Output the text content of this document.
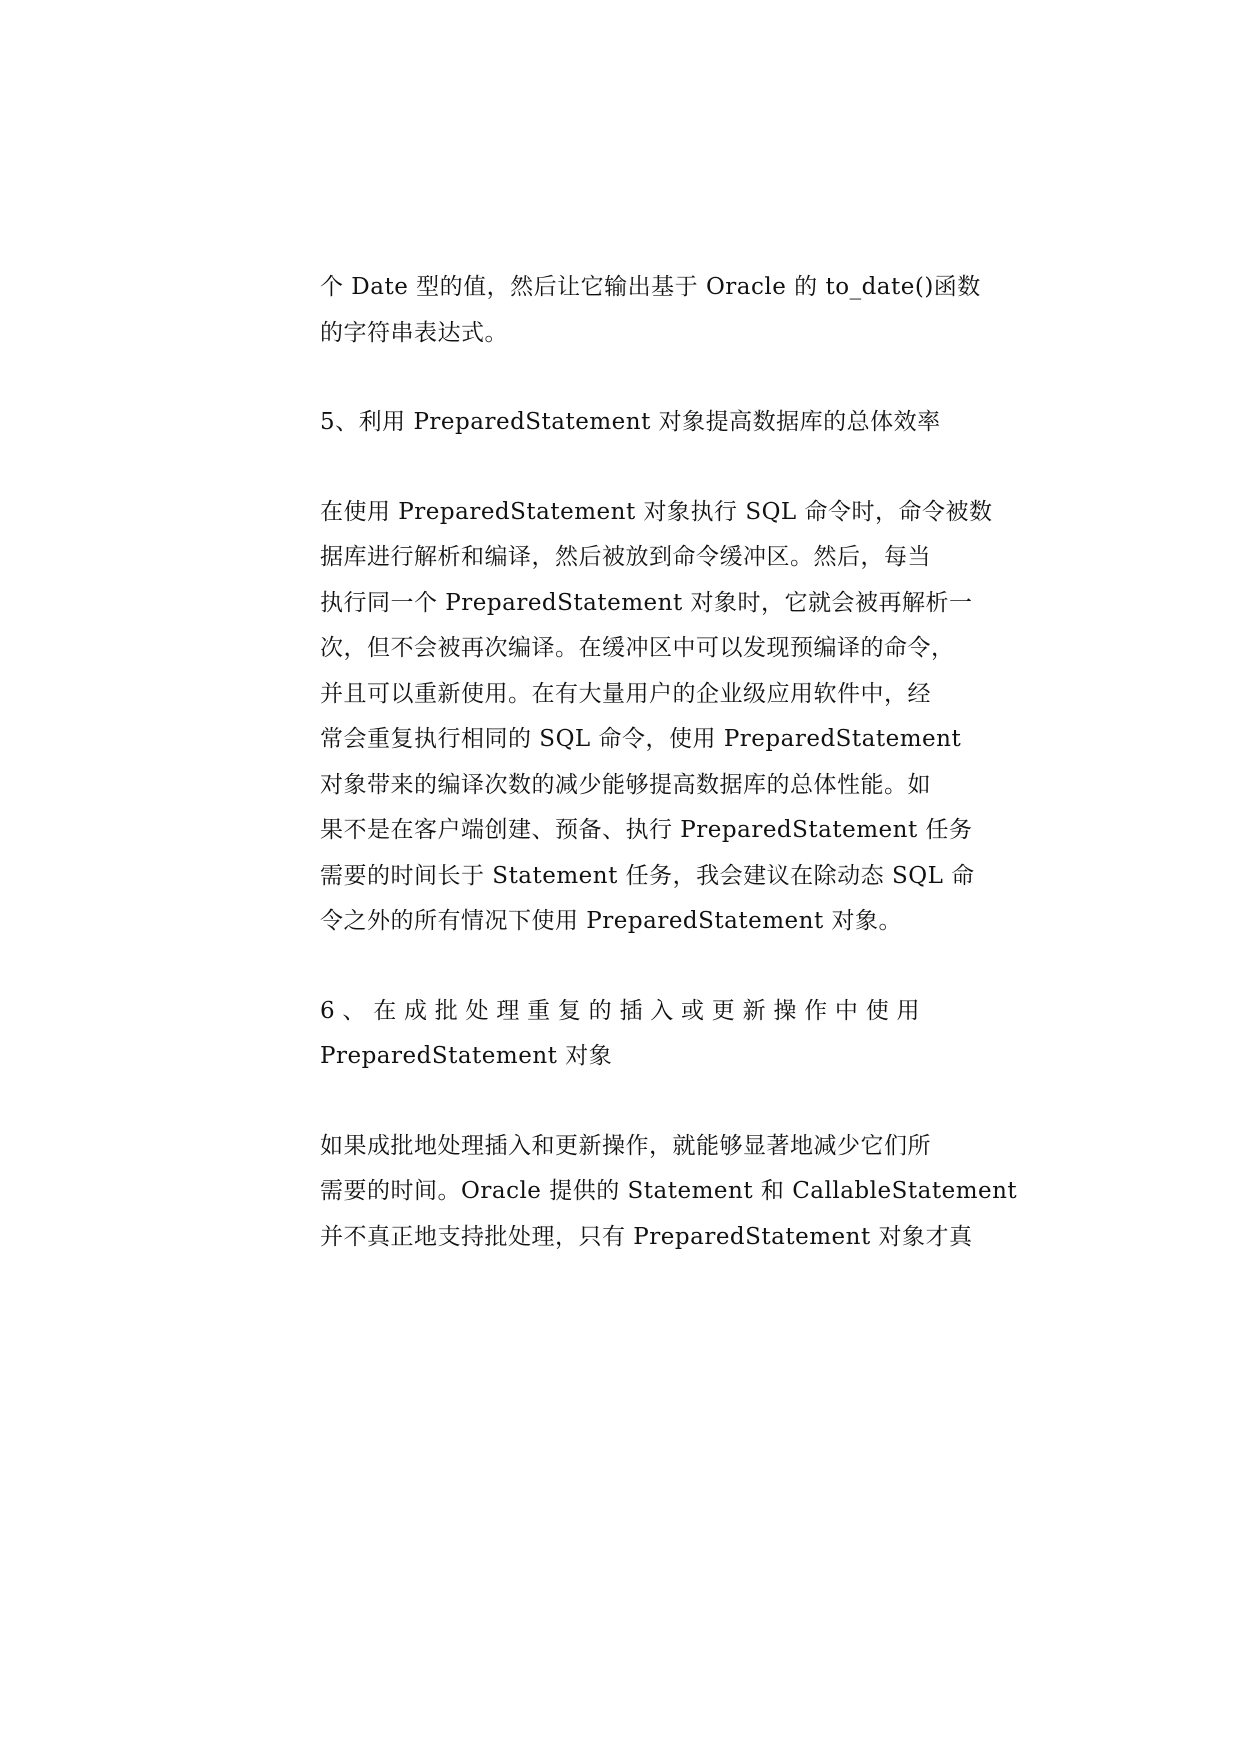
个 Date 型的值，然后让它输出基于 Oracle 的 to_date()函数
的字符串表达式。

5、利用 PreparedStatement 对象提高数据库的总体效率

在使用 PreparedStatement 对象执行 SQL 命令时，命令被数
据库进行解析和编译，然后被放到命令缓冲区。然后，每当
执行同一个 PreparedStatement 对象时，它就会被再解析一
次，但不会被再次编译。在缓冲区中可以发现预编译的命令，
并且可以重新使用。在有大量用户的企业级应用软件中，经
常会重复执行相同的 SQL 命令，使用 PreparedStatement
对象带来的编译次数的减少能够提高数据库的总体性能。如
果不是在客户端创建、预备、执行 PreparedStatement 任务
需要的时间长于 Statement 任务，我会建议在除动态 SQL 命
令之外的所有情况下使用 PreparedStatement 对象。

6 、 在 成 批 处 理 重 复 的 插 入 或 更 新 操 作 中 使 用
PreparedStatement 对象

如果成批地处理插入和更新操作，就能够显著地减少它们所
需要的时间。Oracle 提供的 Statement 和 CallableStatement
并不真正地支持批处理，只有 PreparedStatement 对象才真
